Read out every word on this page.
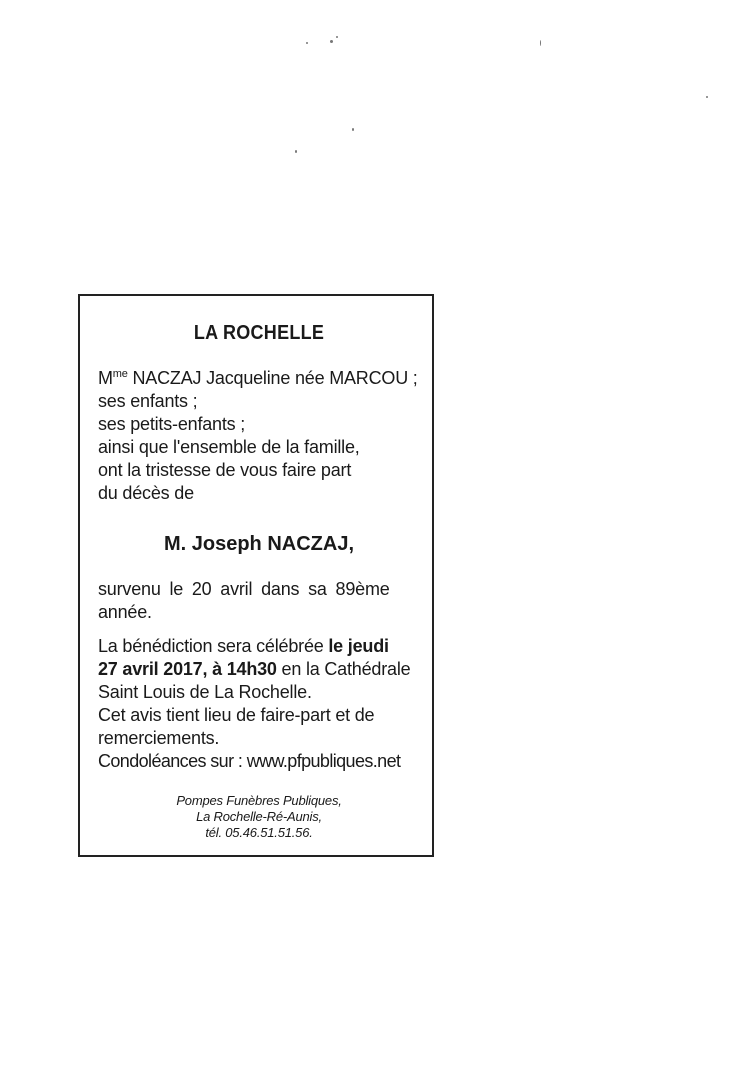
LA ROCHELLE

$M^{me}$ NACZAJ Jacqueline née MARCOU ;
ses enfants ;
ses petits-enfants ;
ainsi que l'ensemble de la famille,
ont la tristesse de vous faire part
du décès de

M. Joseph NACZAJ,

survenu le 20 avril dans sa 89ème
année.

La bénédiction sera célébrée le jeudi
27 avril 2017, à 14h30 en la Cathédrale
Saint Louis de La Rochelle.
Cet avis tient lieu de faire-part et de
remerciements.
Condoléances sur : www.pfpubliques.net

Pompes Funèbres Publiques,
La Rochelle-Ré-Aunis,
tél. 05.46.51.51.56.
